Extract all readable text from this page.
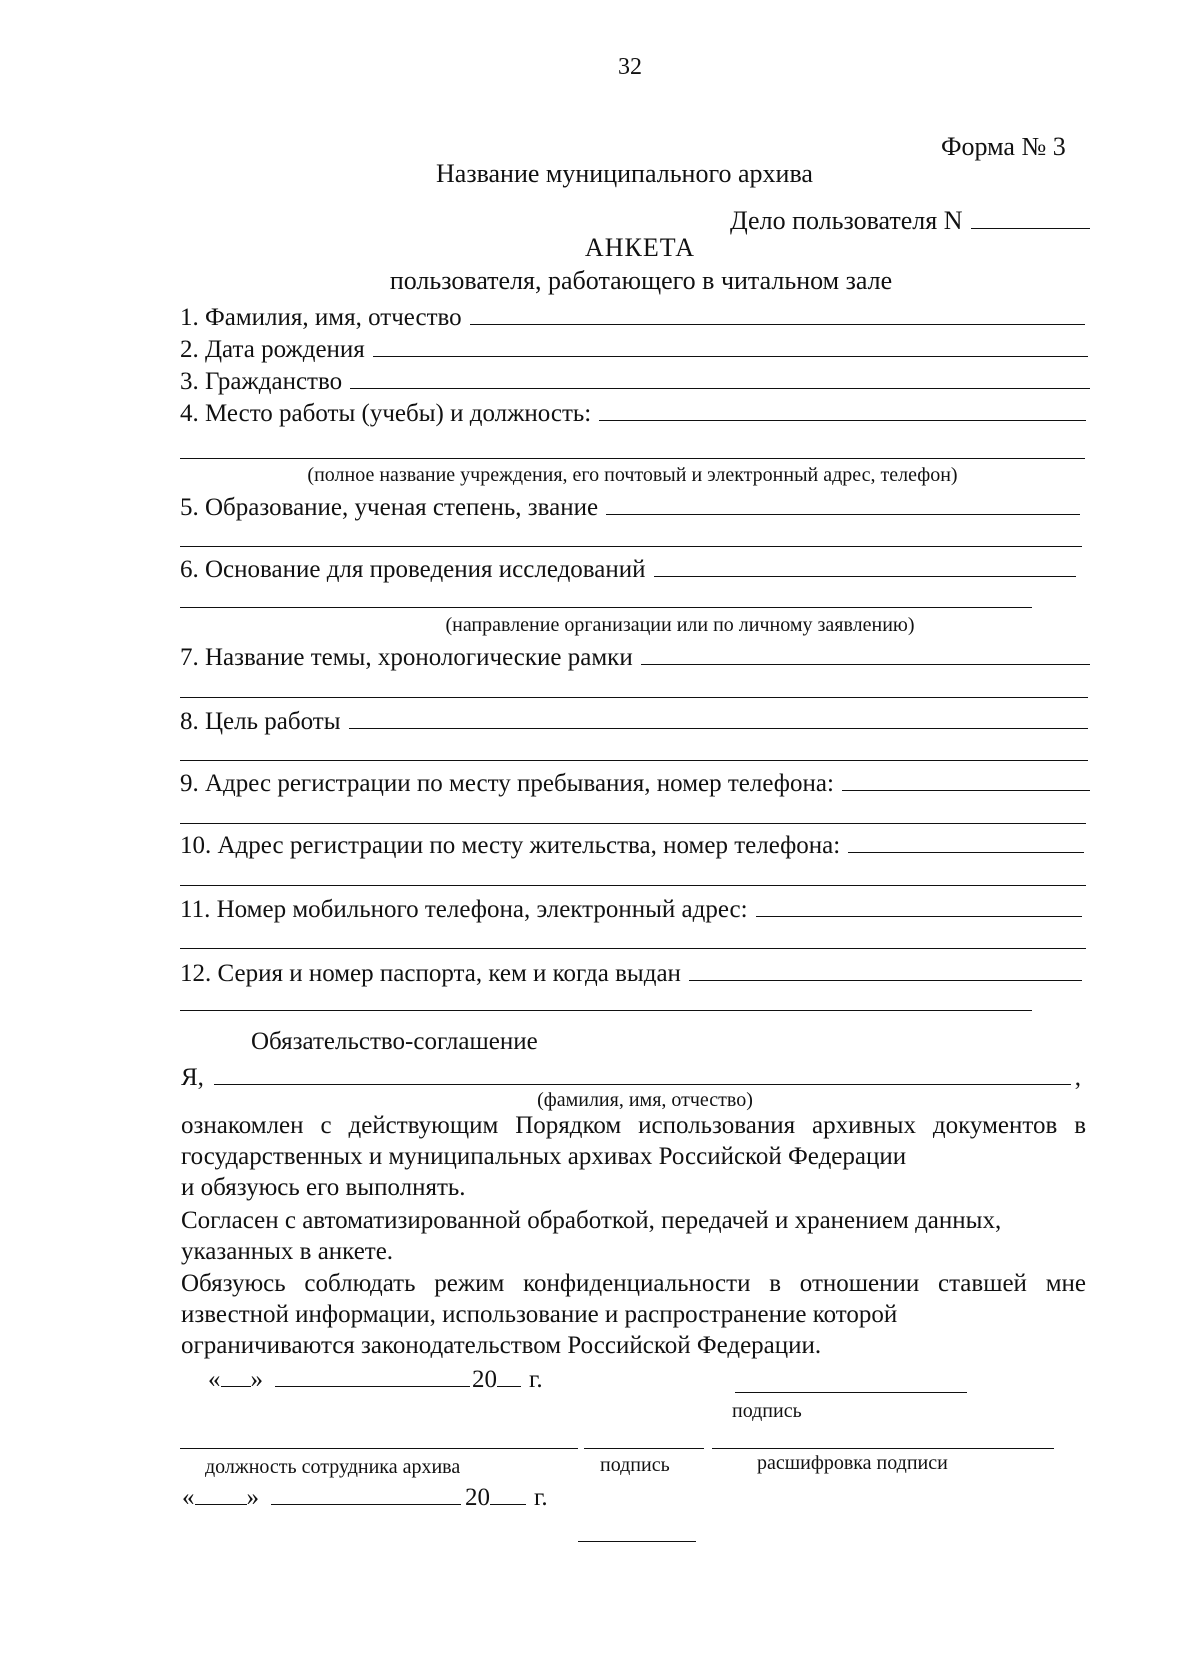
32
Форма № 3
Название муниципального архива
Дело пользователя N
АНКЕТА
пользователя, работающего в читальном зале
1. Фамилия, имя, отчество
2. Дата рождения
3. Гражданство
4. Место работы (учебы) и должность:
(полное название учреждения, его почтовый и электронный адрес, телефон)
5. Образование, ученая степень, звание
6. Основание для проведения исследований
(направление организации или по личному заявлению)
7. Название темы, хронологические рамки
8. Цель работы
9. Адрес регистрации по месту пребывания, номер телефона:
10. Адрес регистрации по месту жительства, номер телефона:
11. Номер мобильного телефона, электронный адрес:
12. Серия и номер паспорта, кем и когда выдан
Обязательство-соглашение
Я,	,
(фамилия, имя, отчество)
ознакомлен с действующим Порядком использования архивных документов в государственных и муниципальных архивах Российской Федерации
и обязуюсь его выполнять.
Согласен с автоматизированной обработкой, передачей и хранением данных,
указанных в анкете.
Обязуюсь соблюдать режим конфиденциальности в отношении ставшей мне известной информации, использование и распространение которой
ограничиваются законодательством Российской Федерации.
« »	20 г.
подпись
должность сотрудника архива	подпись	расшифровка подписи
« »	20 г.
